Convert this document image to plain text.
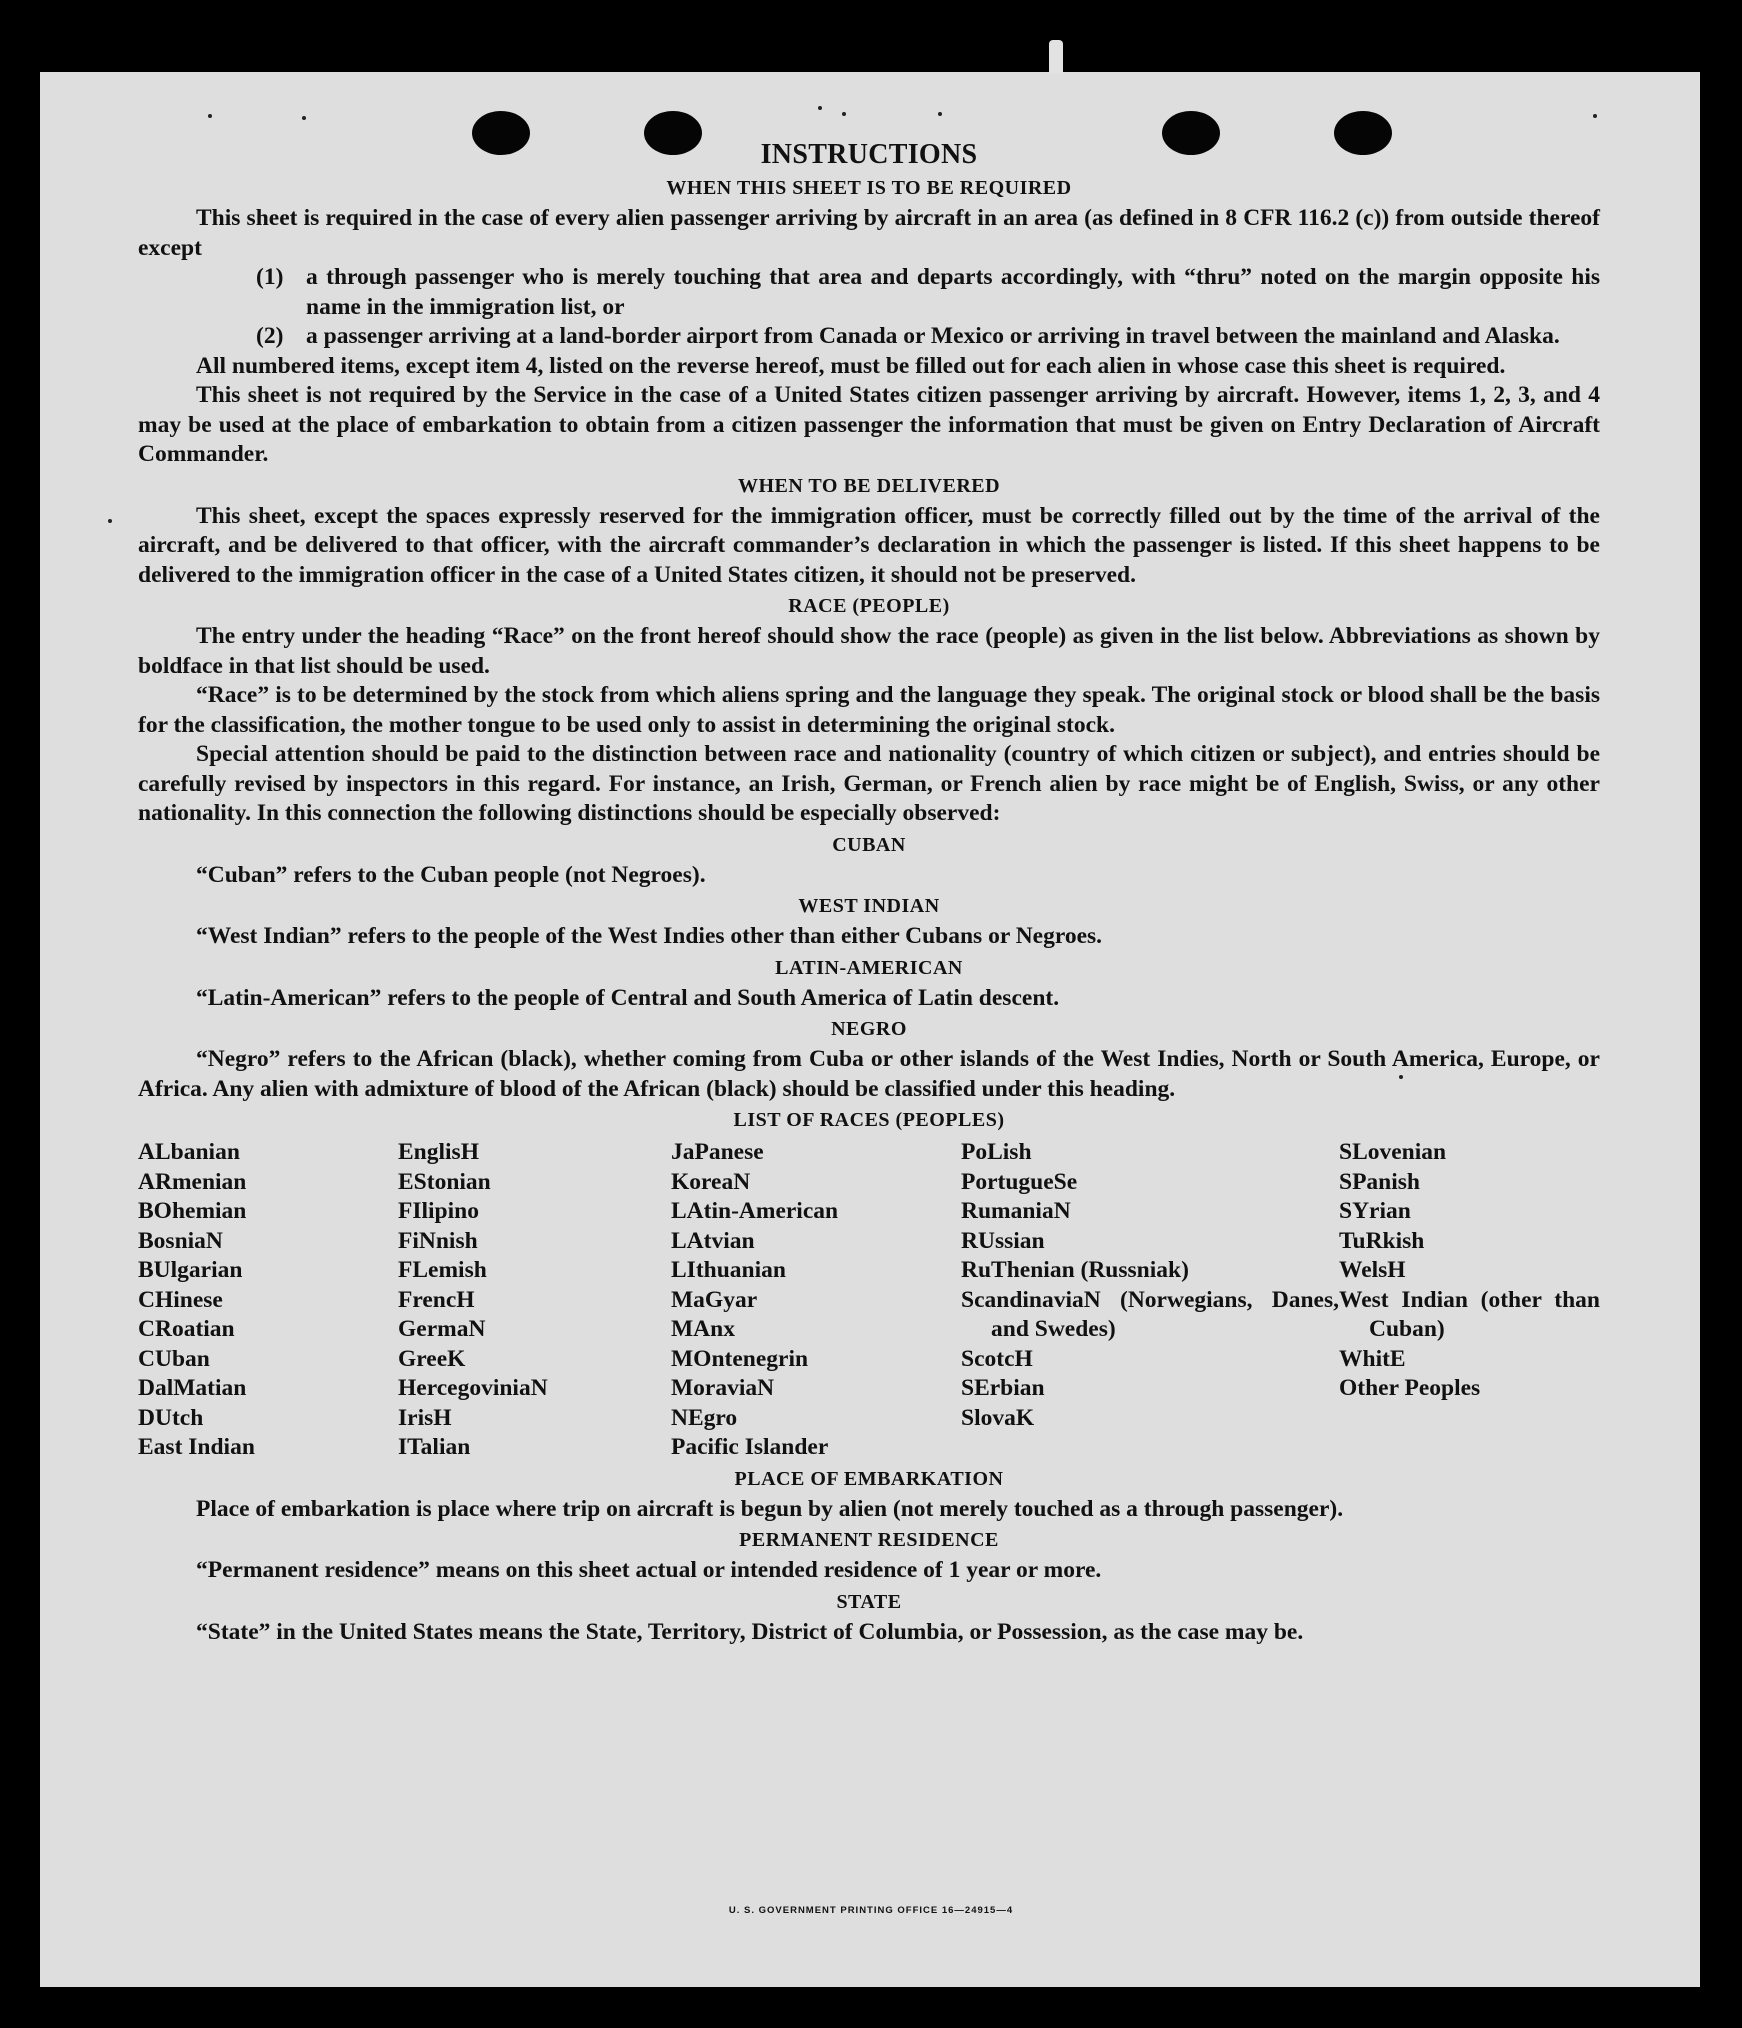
INSTRUCTIONS
WHEN THIS SHEET IS TO BE REQUIRED

This sheet is required in the case of every alien passenger arriving by aircraft in an area (as defined in 8 CFR 116.2 (c)) from outside thereof except

(1) a through passenger who is merely touching that area and departs accordingly, with “thru” noted on the margin opposite his name in the immigration list, or
(2) a passenger arriving at a land-border airport from Canada or Mexico or arriving in travel between the mainland and Alaska.

All numbered items, except item 4, listed on the reverse hereof, must be filled out for each alien in whose case this sheet is required.

This sheet is not required by the Service in the case of a United States citizen passenger arriving by aircraft. However, items 1, 2, 3, and 4 may be used at the place of embarkation to obtain from a citizen passenger the information that must be given on Entry Declaration of Aircraft Commander.

WHEN TO BE DELIVERED

This sheet, except the spaces expressly reserved for the immigration officer, must be correctly filled out by the time of the arrival of the aircraft, and be delivered to that officer, with the aircraft commander’s declaration in which the passenger is listed. If this sheet happens to be delivered to the immigration officer in the case of a United States citizen, it should not be preserved.

RACE (PEOPLE)

The entry under the heading “Race” on the front hereof should show the race (people) as given in the list below. Abbreviations as shown by boldface in that list should be used.

“Race” is to be determined by the stock from which aliens spring and the language they speak. The original stock or blood shall be the basis for the classification, the mother tongue to be used only to assist in determining the original stock.

Special attention should be paid to the distinction between race and nationality (country of which citizen or subject), and entries should be carefully revised by inspectors in this regard. For instance, an Irish, German, or French alien by race might be of English, Swiss, or any other nationality. In this connection the following distinctions should be especially observed:

CUBAN

“Cuban” refers to the Cuban people (not Negroes).

WEST INDIAN

“West Indian” refers to the people of the West Indies other than either Cubans or Negroes.

LATIN-AMERICAN

“Latin-American” refers to the people of Central and South America of Latin descent.

NEGRO

“Negro” refers to the African (black), whether coming from Cuba or other islands of the West Indies, North or South America, Europe, or Africa. Any alien with admixture of blood of the African (black) should be classified under this heading.

LIST OF RACES (PEOPLES)
ALbanian
ARmenian
BOhemian
BosniaN
BUlgarian
CHinese
CRoatian
CUban
DalMatian
DUtch
East Indian
EnglisH
EStonian
FIlipino
FiNnish
FLemish
FrencH
GermaN
GreeK
HercegoviniaN
IrisH
ITalian
JaPanese
KoreaN
LAtin-American
LAtvian
LIthuanian
MaGyar
MAnx
MOntenegrin
MoraviaN
NEgro
Pacific Islander
PoLish
PortugueSe
RumaniaN
RUssian
RuThenian (Russniak)
ScandinaviaN (Norwegians, Danes, and Swedes)
ScotcH
SErbian
SlovaK
SLovenian
SPanish
SYrian
TuRkish
WelsH
West Indian (other than Cuban)
WhitE
Other Peoples
PLACE OF EMBARKATION

Place of embarkation is place where trip on aircraft is begun by alien (not merely touched as a through passenger).

PERMANENT RESIDENCE

“Permanent residence” means on this sheet actual or intended residence of 1 year or more.

STATE

“State” in the United States means the State, Territory, District of Columbia, or Possession, as the case may be.

U. S. GOVERNMENT PRINTING OFFICE 16—24915—4
